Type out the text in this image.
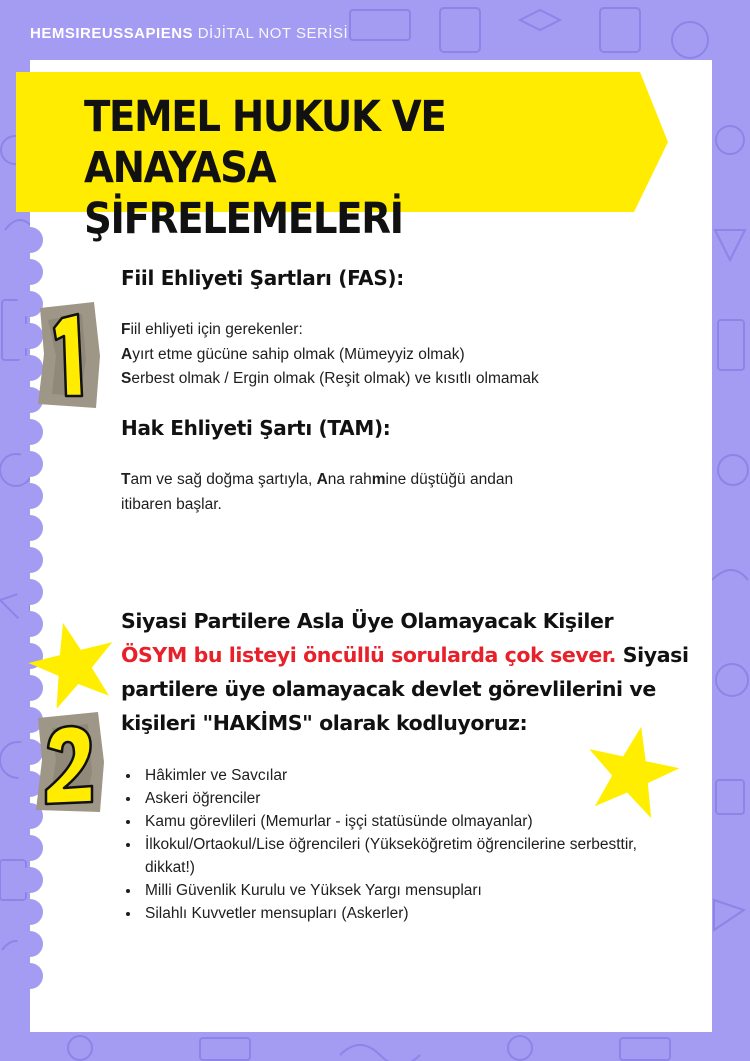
HEMSIREUSSAPIENS DİJİTAL NOT SERİSİ
TEMEL HUKUK VE
ANAYASA ŞİFRELEMELERİ
Fiil Ehliyeti Şartları (FAS):
Fiil ehliyeti için gerekenler:
Ayırt etme gücüne sahip olmak (Mümeyyiz olmak)
Serbest olmak / Ergin olmak (Reşit olmak) ve kısıtlı olmamak
Hak Ehliyeti Şartı (TAM):
Tam ve sağ doğma şartıyla, Ana rahmine düştüğü andan
itibaren başlar.
Siyasi Partilere Asla Üye Olamayacak Kişiler
ÖSYM bu listeyi öncüllü sorularda çok sever. Siyasi partilere üye olamayacak devlet görevlilerini ve kişileri "HAKİMS" olarak kodluyoruz:
• Hâkimler ve Savcılar
• Askeri öğrenciler
• Kamu görevlileri (Memurlar - işçi statüsünde olmayanlar)
• İlkokul/Ortaokul/Lise öğrencileri (Yükseköğretim öğrencilerine serbesttir, dikkat!)
• Milli Güvenlik Kurulu ve Yüksek Yargı mensupları
• Silahlı Kuvvetler mensupları (Askerler)
